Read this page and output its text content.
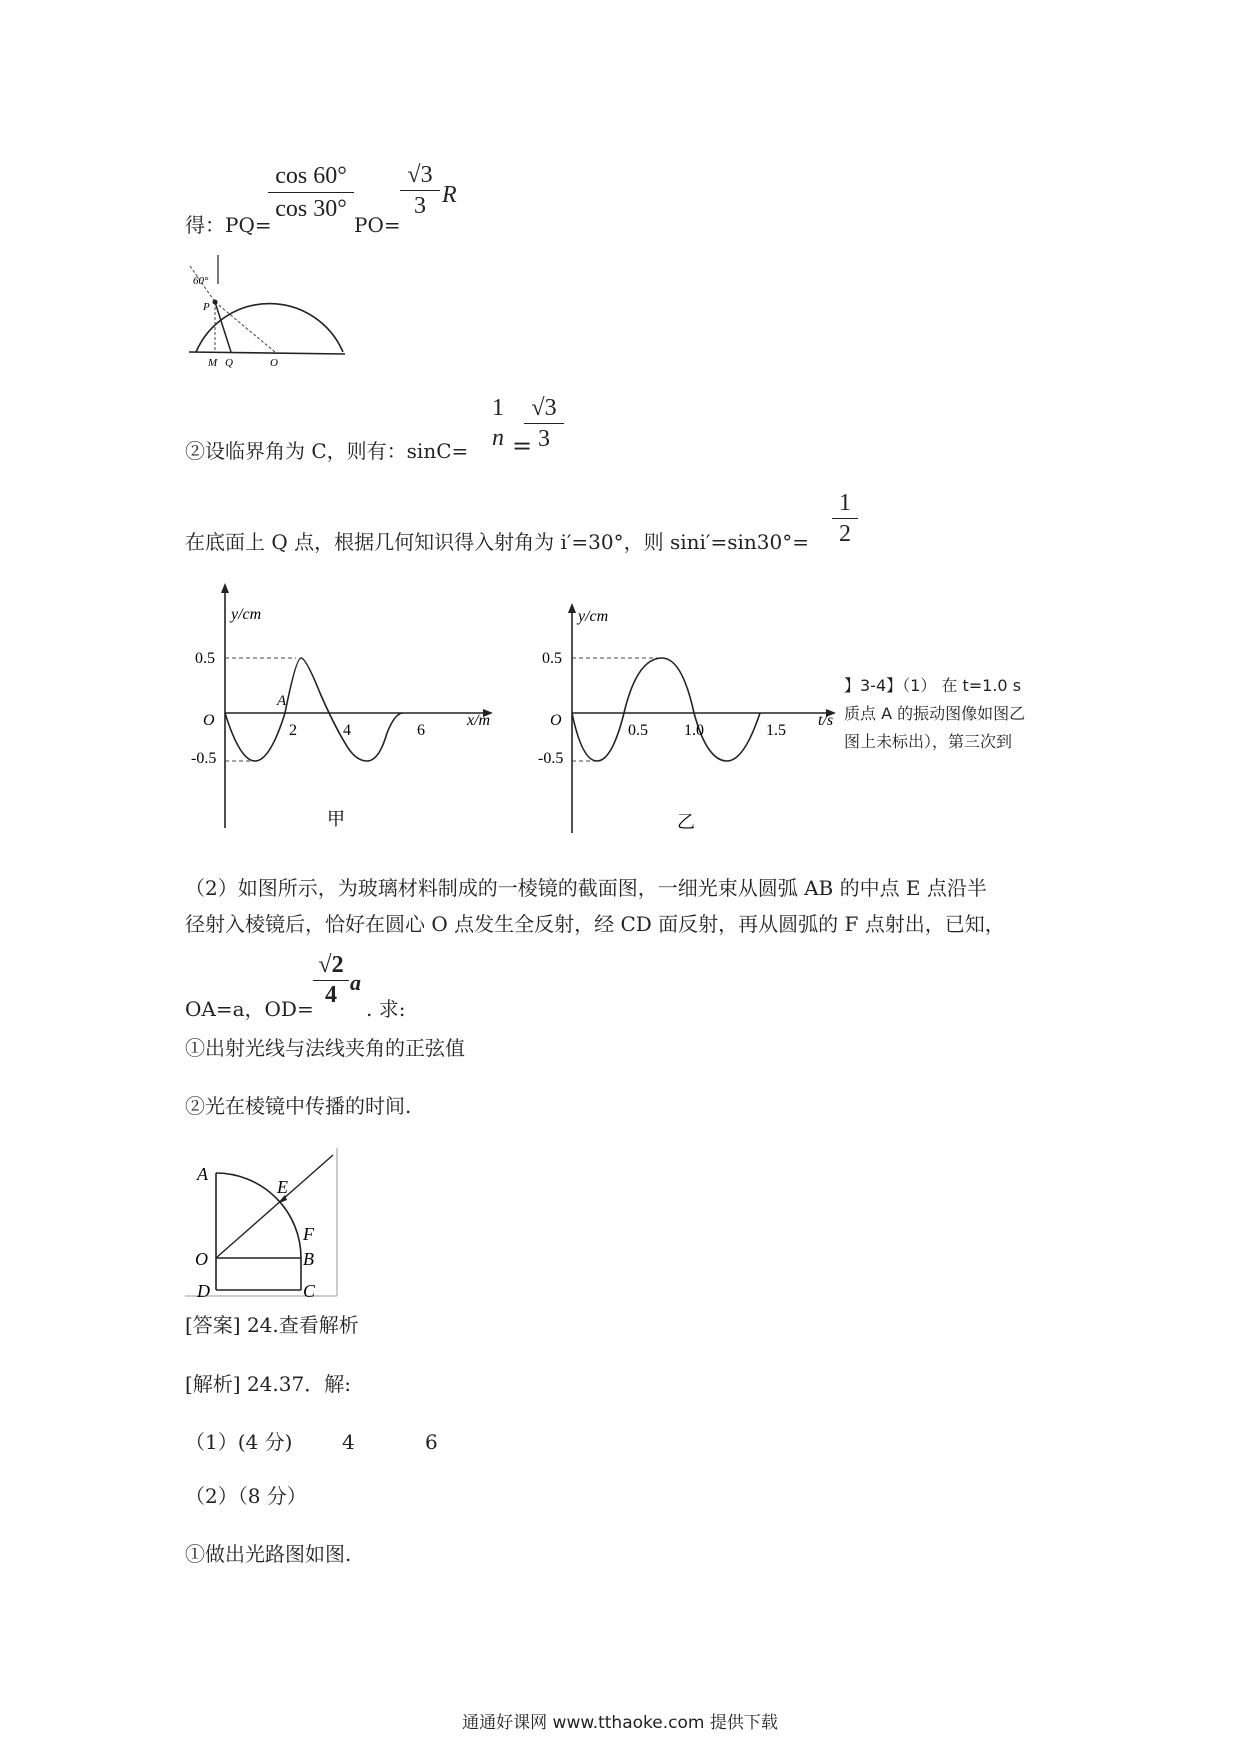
得：PQ=
$\frac{\cos 60^\circ}{\cos 30^\circ} PO=$
$\frac{√3}{3}$ R
60°
P
M Q	O
②设临界角为 C，则有：sinC=
1
n =
$\frac{√3}{3}$
在底面上 Q 点，根据几何知识得入射角为 i′=30°，则 $\sin i'=\sin 30^\circ= \frac{1}{2}$
y/cm
x/m
O
0.5
-0.5
A
2	4	6
甲
y/cm
t/s
O
0.5
-0.5
0.5 1.0	1.5
乙
】3-4】（1） 在 t=1.0 s
质点 A 的振动图像如图乙
图上未标出），第三次到
（2）如图所示，为玻璃材料制成的一棱镜的截面图，一细光束从圆弧 AB 的中点 E 点沿半
径射入棱镜后，恰好在圆心 O 点发生全反射，经 CD 面反射，再从圆弧的 F 点射出，已知，
OA=a，$OD= \frac{√2}{4}$ a
. 求:
①出射光线与法线夹角的正弦值
②光在棱镜中传播的时间.
A
E
F
O	B
D	C
[答案] 24.查看解析
[解析] 24.37．解:
（1）(4 分) 4	6
（2）（8 分）
①做出光路图如图.
通通好课网 www.tthaoke.com 提供下载
